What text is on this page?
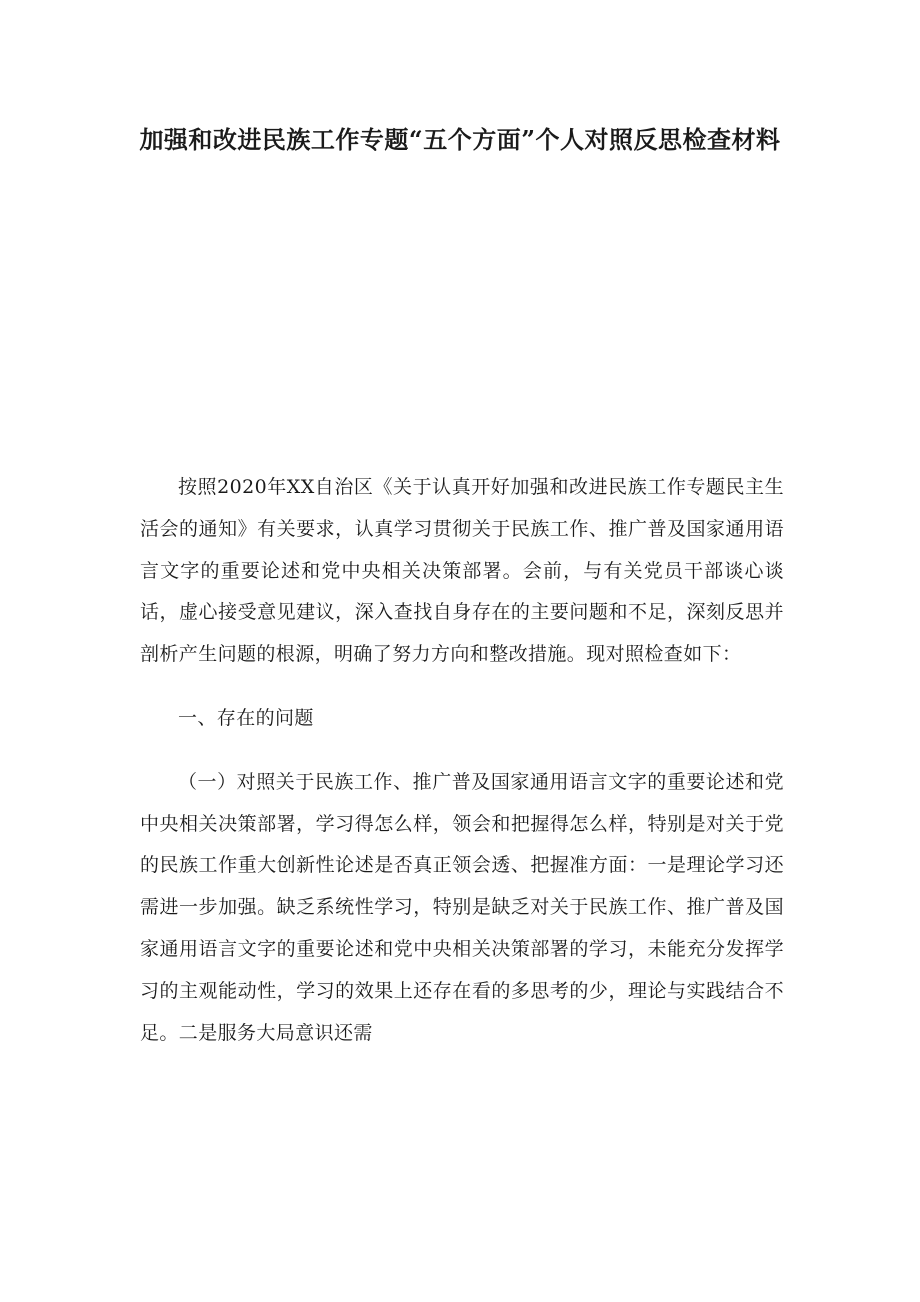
加强和改进民族工作专题“五个方面”个人对照反思检查材料

按照2020年XX自治区《关于认真开好加强和改进民族工作专题民主生活会的通知》有关要求，认真学习贯彻关于民族工作、推广普及国家通用语言文字的重要论述和党中央相关决策部署。会前，与有关党员干部谈心谈话，虚心接受意见建议，深入查找自身存在的主要问题和不足，深刻反思并剖析产生问题的根源，明确了努力方向和整改措施。现对照检查如下：

一、存在的问题

（一）对照关于民族工作、推广普及国家通用语言文字的重要论述和党中央相关决策部署，学习得怎么样，领会和把握得怎么样，特别是对关于党的民族工作重大创新性论述是否真正领会透、把握准方面：一是理论学习还需进一步加强。缺乏系统性学习，特别是缺乏对关于民族工作、推广普及国家通用语言文字的重要论述和党中央相关决策部署的学习，未能充分发挥学习的主观能动性，学习的效果上还存在看的多思考的少，理论与实践结合不足。二是服务大局意识还需
